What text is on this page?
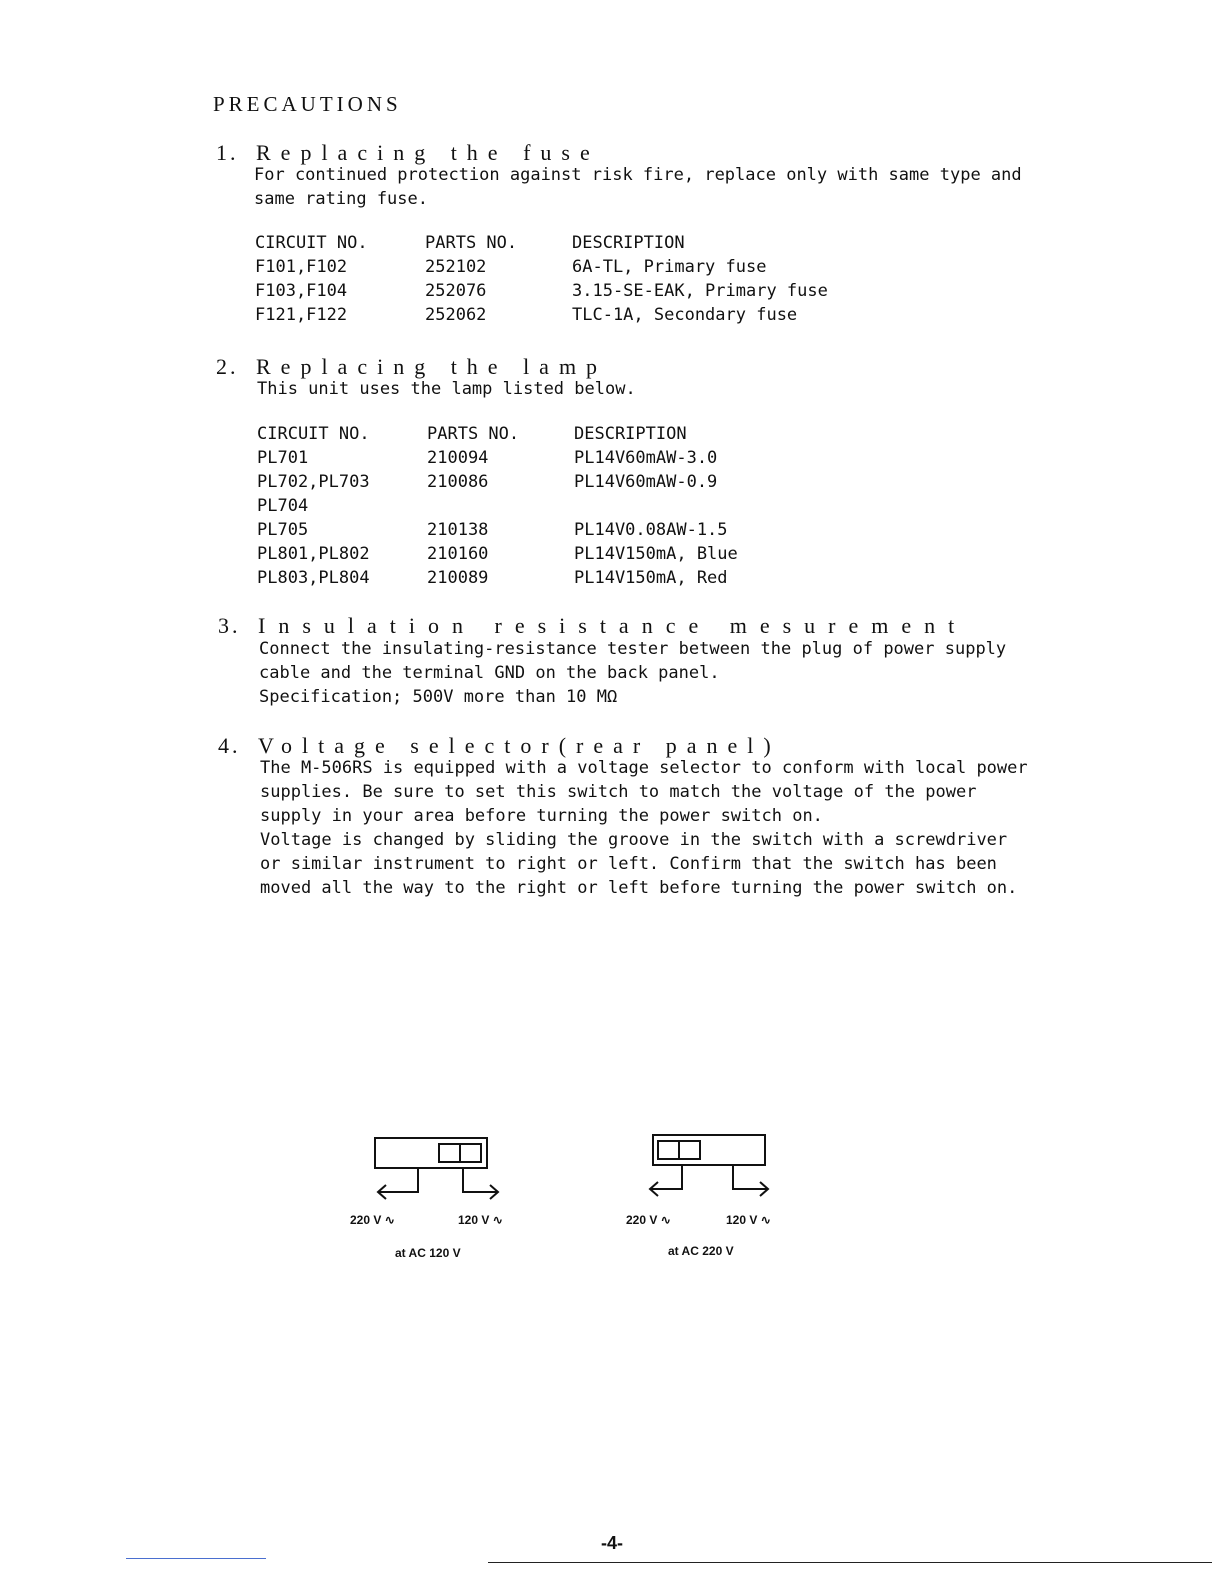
PRECAUTIONS
1. Replacing the fuse
For continued protection against risk fire, replace only with same type and
same rating fuse.
CIRCUIT NO.	PARTS NO.	DESCRIPTION
F101,F102	252102	6A-TL, Primary fuse
F103,F104	252076	3.15-SE-EAK, Primary fuse
F121,F122	252062	TLC-1A, Secondary fuse
2. Replacing the lamp
This unit uses the lamp listed below.
CIRCUIT NO.	PARTS NO.	DESCRIPTION
PL701	210094	PL14V60mAW-3.0
PL702,PL703	210086	PL14V60mAW-0.9
PL704
PL705	210138	PL14V0.08AW-1.5
PL801,PL802	210160	PL14V150mA, Blue
PL803,PL804	210089	PL14V150mA, Red
3. Insulation resistance mesurement
Connect the insulating-resistance tester between the plug of power supply
cable and the terminal GND on the back panel.
Specification; 500V more than 10 MΩ
4. Voltage selector(rear panel)
The M-506RS is equipped with a voltage selector to conform with local power
supplies. Be sure to set this switch to match the voltage of the power
supply in your area before turning the power switch on.
Voltage is changed by sliding the groove in the switch with a screwdriver
or similar instrument to right or left. Confirm that the switch has been
moved all the way to the right or left before turning the power switch on.
220 V ∿	120 V ∿
at AC 120 V
220 V ∿	120 V ∿
at AC 220 V
-4-
